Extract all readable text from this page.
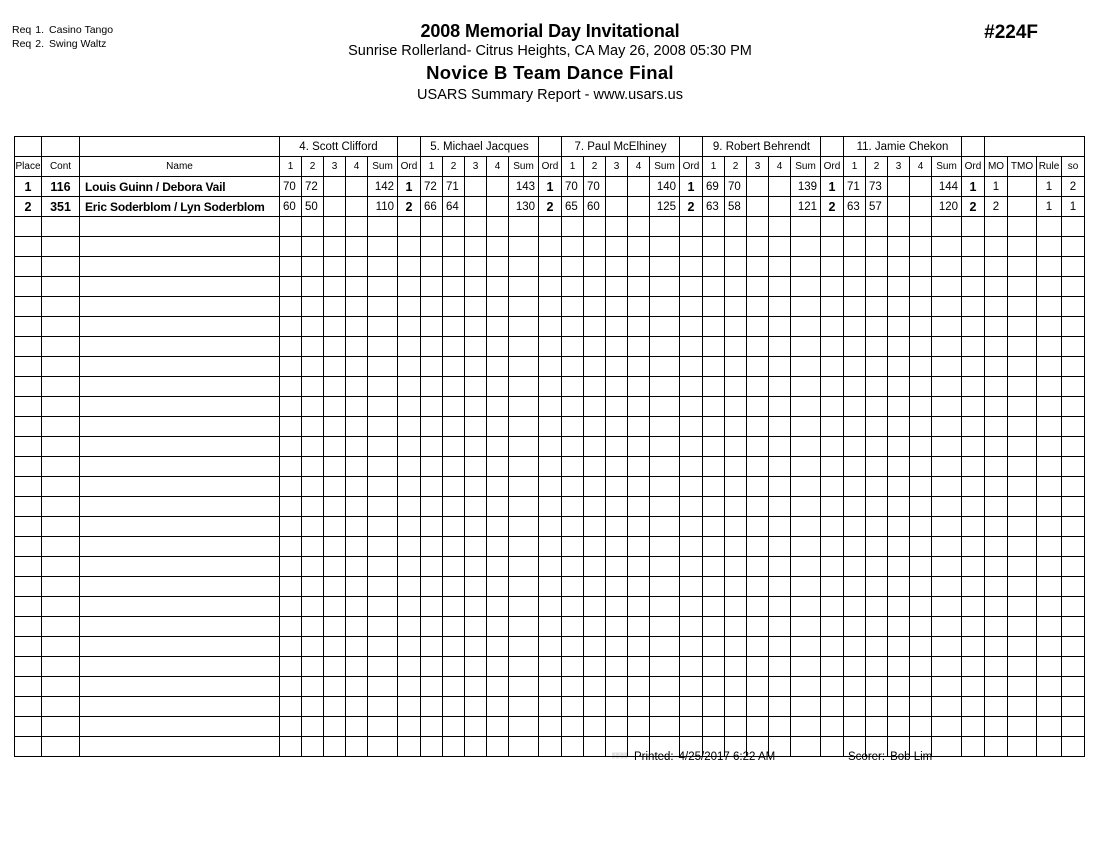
Req 1. Casino Tango
Req 2. Swing Waltz
2008 Memorial Day Invitational
Sunrise Rollerland- Citrus Heights, CA May 26, 2008 05:30 PM
Novice B Team Dance Final
USARS Summary Report - www.usars.us
#224F
			4. Scott Clifford						5. Michael Jacques						7. Paul McElhiney						9. Robert Behrendt						11. Jamie Chekon									
Place	Cont	Name	1	2	3	4	Sum	Ord	1	2	3	4	Sum	Ord	1	2	3	4	Sum	Ord	1	2	3	4	Sum	Ord	1	2	3	4	Sum	Ord	MO	TMO	Rule	so
1	116	Louis Guinn / Debora Vail	70	72			142	1	72	71			143	1	70	70			140	1	69	70			139	1	71	73			144	1	1		1	2
2	351	Eric Soderblom / Lyn Soderblom	60	50			110	2	66	64			130	2	65	60			125	2	63	58			121	2	63	57			120	2	2		1	1

░░░░ Printed: 4/25/2017 6:22 AM	Scorer: Bob Lim
